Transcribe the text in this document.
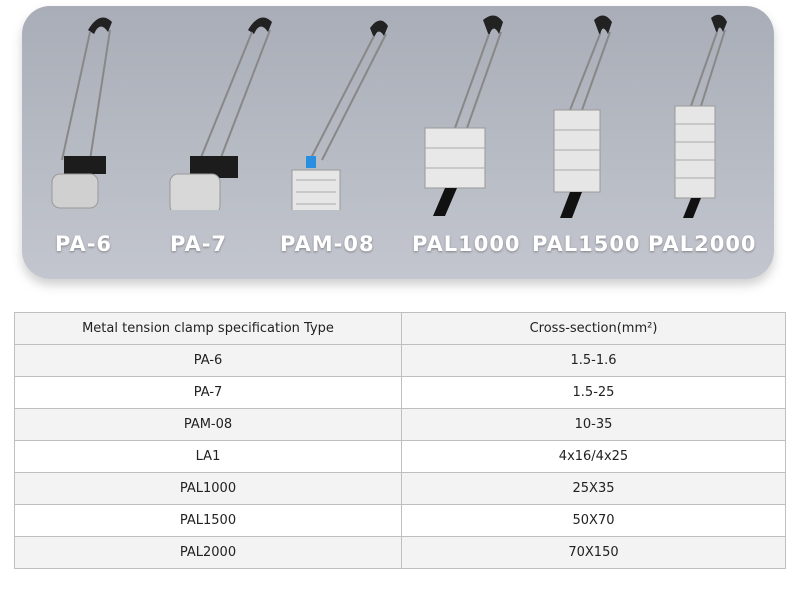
PA-6	PA-7	PAM-08 PAL1000 PAL1500 PAL2000
Metal tension clamp specification Type	Cross-section(mm²)
PA-6	1.5-1.6
PA-7	1.5-25
PAM-08	10-35
LA1	4x16/4x25
PAL1000	25X35
PAL1500	50X70
PAL2000	70X150
